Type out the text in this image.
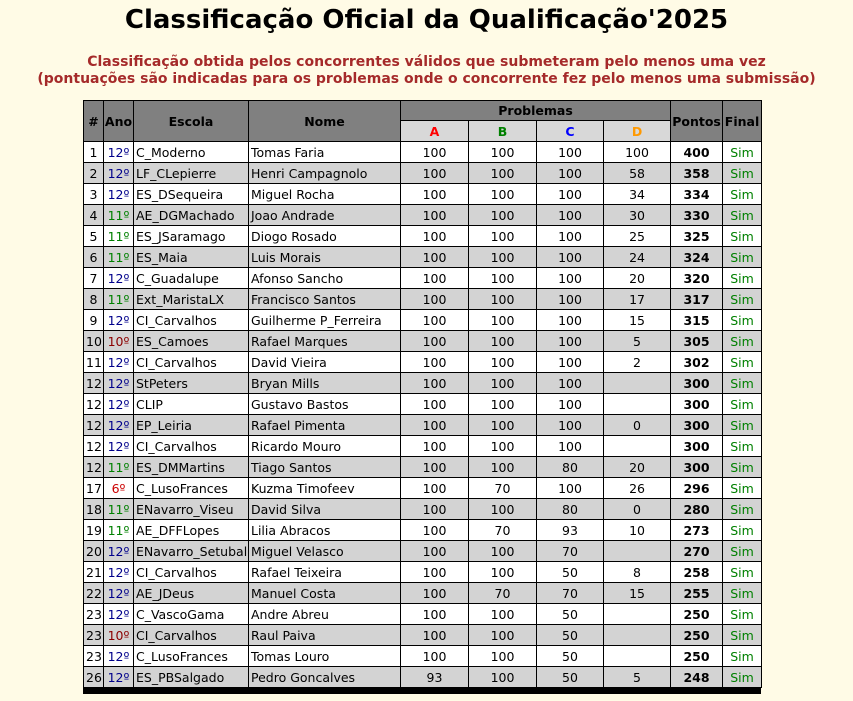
Classificação Oficial da Qualificação'2025
Classificação obtida pelos concorrentes válidos que submeteram pelo menos uma vez
(pontuações são indicadas para os problemas onde o concorrente fez pelo menos uma submissão)
#	Ano	Escola	Nome	Problemas				Pontos	Final
				A	B	C	D		
1	12º	C_Moderno	Tomas Faria	100	100	100	100	400	Sim
2	12º	LF_CLepierre	Henri Campagnolo	100	100	100	58	358	Sim
3	12º	ES_DSequeira	Miguel Rocha	100	100	100	34	334	Sim
4	11º	AE_DGMachado	Joao Andrade	100	100	100	30	330	Sim
5	11º	ES_JSaramago	Diogo Rosado	100	100	100	25	325	Sim
6	11º	ES_Maia	Luis Morais	100	100	100	24	324	Sim
7	12º	C_Guadalupe	Afonso Sancho	100	100	100	20	320	Sim
8	11º	Ext_MaristaLX	Francisco Santos	100	100	100	17	317	Sim
9	12º	CI_Carvalhos	Guilherme P_Ferreira	100	100	100	15	315	Sim
10	10º	ES_Camoes	Rafael Marques	100	100	100	5	305	Sim
11	12º	CI_Carvalhos	David Vieira	100	100	100	2	302	Sim
12	12º	StPeters	Bryan Mills	100	100	100		300	Sim
12	12º	CLIP	Gustavo Bastos	100	100	100		300	Sim
12	12º	EP_Leiria	Rafael Pimenta	100	100	100	0	300	Sim
12	12º	CI_Carvalhos	Ricardo Mouro	100	100	100		300	Sim
12	11º	ES_DMMartins	Tiago Santos	100	100	80	20	300	Sim
17	6º	C_LusoFrances	Kuzma Timofeev	100	70	100	26	296	Sim
18	11º	ENavarro_Viseu	David Silva	100	100	80	0	280	Sim
19	11º	AE_DFFLopes	Lilia Abracos	100	70	93	10	273	Sim
20	12º	ENavarro_Setubal	Miguel Velasco	100	100	70		270	Sim
21	12º	CI_Carvalhos	Rafael Teixeira	100	100	50	8	258	Sim
22	12º	AE_JDeus	Manuel Costa	100	70	70	15	255	Sim
23	12º	C_VascoGama	Andre Abreu	100	100	50		250	Sim
23	10º	CI_Carvalhos	Raul Paiva	100	100	50		250	Sim
23	12º	C_LusoFrances	Tomas Louro	100	100	50		250	Sim
26	12º	ES_PBSalgado	Pedro Goncalves	93	100	50	5	248	Sim
